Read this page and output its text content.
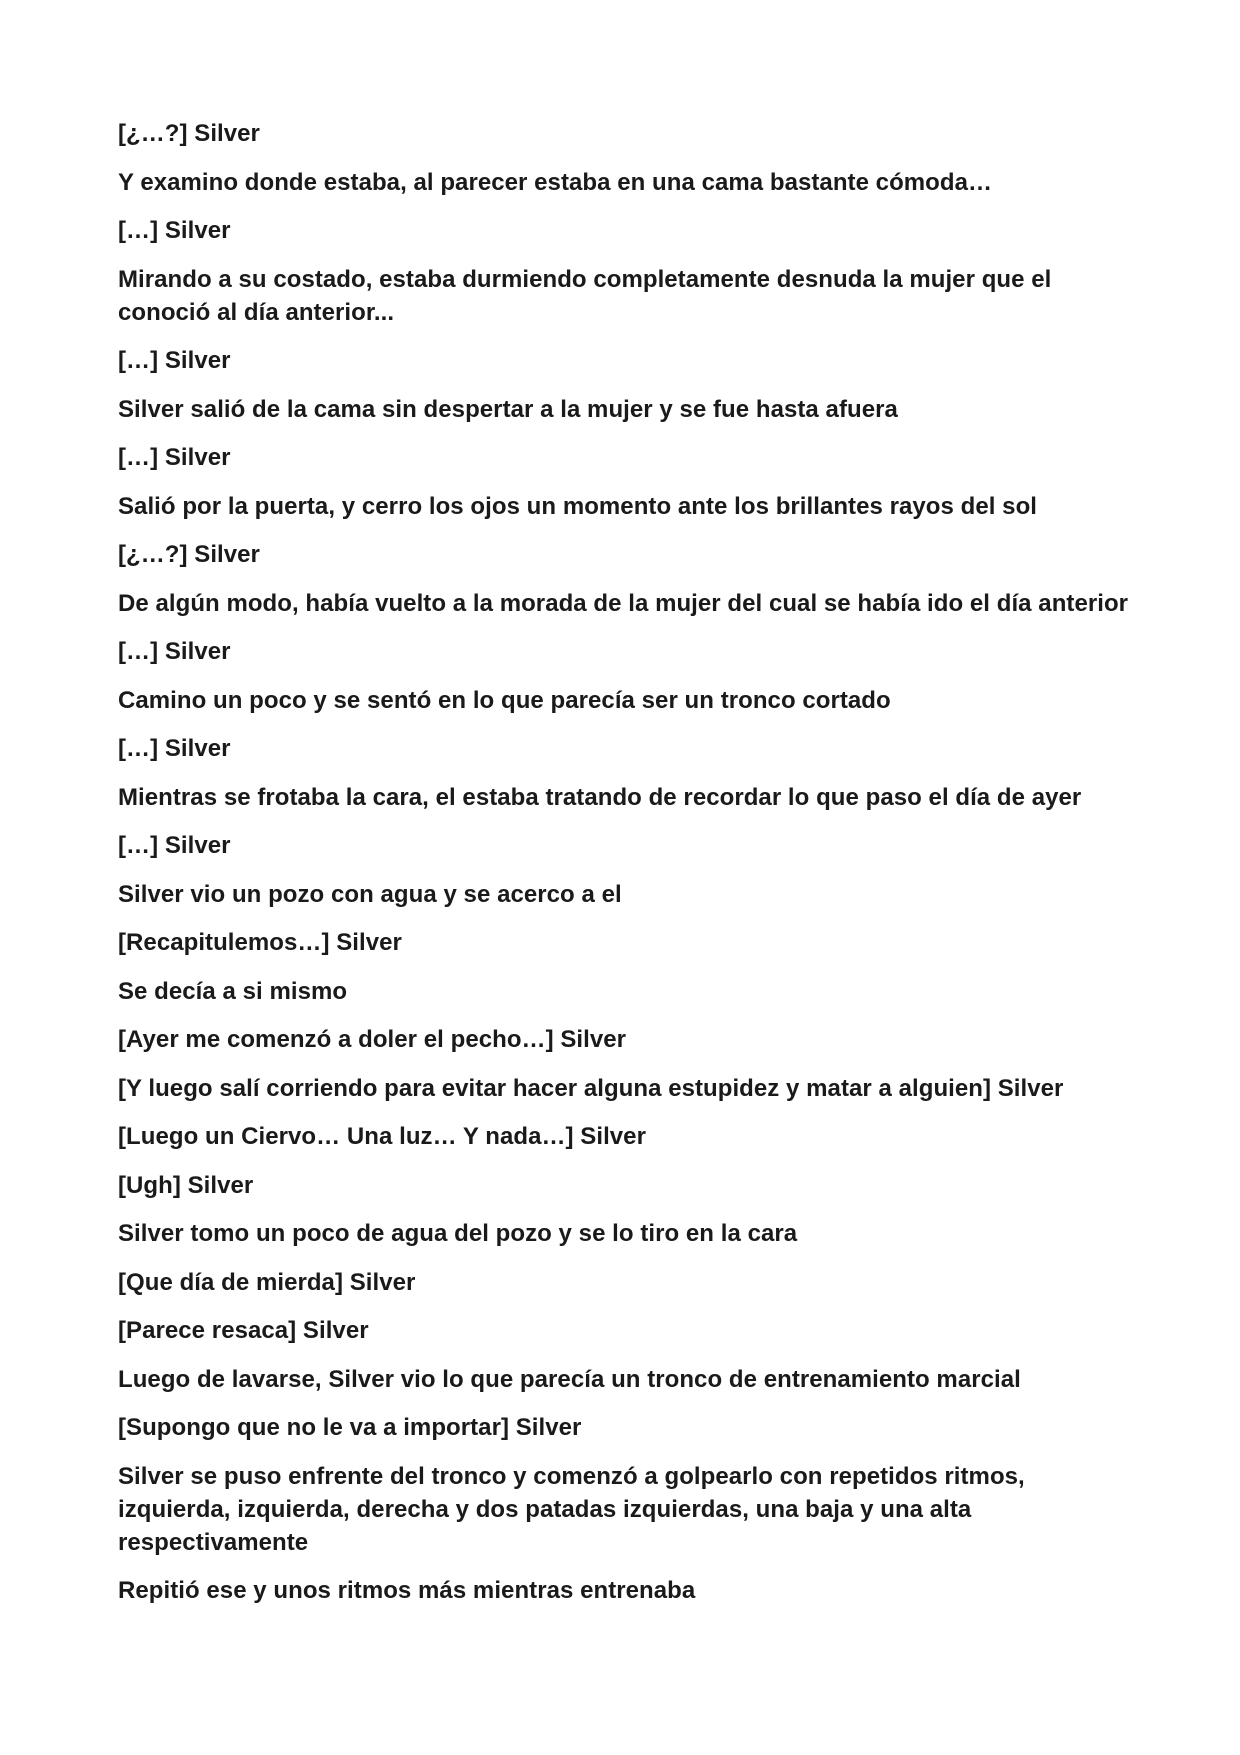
[¿…?] Silver

Y examino donde estaba, al parecer estaba en una cama bastante cómoda…

[…] Silver

Mirando a su costado, estaba durmiendo completamente desnuda la mujer que el conoció al día anterior...

[…] Silver

Silver salió de la cama sin despertar a la mujer y se fue hasta afuera

[…] Silver

Salió por la puerta, y cerro los ojos un momento ante los brillantes rayos del sol

[¿…?] Silver

De algún modo, había vuelto a la morada de la mujer del cual se había ido el día anterior

[…] Silver

Camino un poco y se sentó en lo que parecía ser un tronco cortado

[…] Silver

Mientras se frotaba la cara, el estaba tratando de recordar lo que paso el día de ayer

[…] Silver

Silver vio un pozo con agua y se acerco a el

[Recapitulemos…] Silver

Se decía a si mismo

[Ayer me comenzó a doler el pecho…] Silver

[Y luego salí corriendo para evitar hacer alguna estupidez y matar a alguien] Silver

[Luego un Ciervo… Una luz… Y nada…] Silver

[Ugh] Silver

Silver tomo un poco de agua del pozo y se lo tiro en la cara

[Que día de mierda] Silver

[Parece resaca] Silver

Luego de lavarse, Silver vio lo que parecía un tronco de entrenamiento marcial

[Supongo que no le va a importar] Silver

Silver se puso enfrente del tronco y comenzó a golpearlo con repetidos ritmos, izquierda, izquierda, derecha y dos patadas izquierdas, una baja y una alta respectivamente

Repitió ese y unos ritmos más mientras entrenaba
